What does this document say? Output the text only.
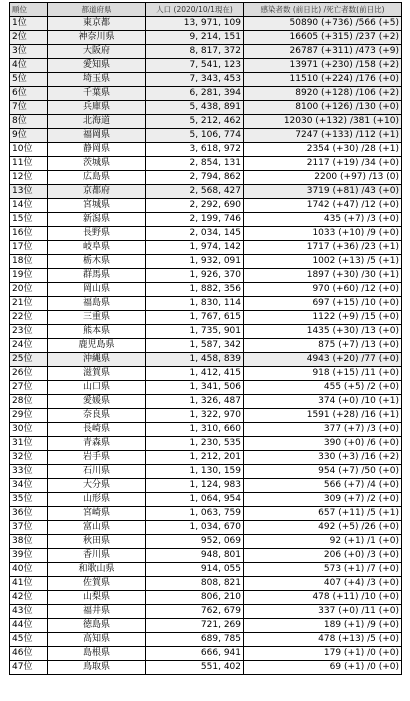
順位	都道府県	人口 (2020/10/1現在)	感染者数 (前日比) /死亡者数(前日比)
1位	東京都	13, 971, 109	50890 (+736) /566 (+5)
2位	神奈川県	9, 214, 151	16605 (+315) /237 (+2)
3位	大阪府	8, 817, 372	26787 (+311) /473 (+9)
4位	愛知県	7, 541, 123	13971 (+230) /158 (+2)
5位	埼玉県	7, 343, 453	11510 (+224) /176 (+0)
6位	千葉県	6, 281, 394	8920 (+128) /106 (+2)
7位	兵庫県	5, 438, 891	8100 (+126) /130 (+0)
8位	北海道	5, 212, 462	12030 (+132) /381 (+10)
9位	福岡県	5, 106, 774	7247 (+133) /112 (+1)
10位	静岡県	3, 618, 972	2354 (+30) /28 (+1)
11位	茨城県	2, 854, 131	2117 (+19) /34 (+0)
12位	広島県	2, 794, 862	2200 (+97) /13 (0)
13位	京都府	2, 568, 427	3719 (+81) /43 (+0)
14位	宮城県	2, 292, 690	1742 (+47) /12 (+0)
15位	新潟県	2, 199, 746	435 (+7) /3 (+0)
16位	長野県	2, 034, 145	1033 (+10) /9 (+0)
17位	岐阜県	1, 974, 142	1717 (+36) /23 (+1)
18位	栃木県	1, 932, 091	1002 (+13) /5 (+1)
19位	群馬県	1, 926, 370	1897 (+30) /30 (+1)
20位	岡山県	1, 882, 356	970 (+60) /12 (+0)
21位	福島県	1, 830, 114	697 (+15) /10 (+0)
22位	三重県	1, 767, 615	1122 (+9) /15 (+0)
23位	熊本県	1, 735, 901	1435 (+30) /13 (+0)
24位	鹿児島県	1, 587, 342	875 (+7) /13 (+0)
25位	沖縄県	1, 458, 839	4943 (+20) /77 (+0)
26位	滋賀県	1, 412, 415	918 (+15) /11 (+0)
27位	山口県	1, 341, 506	455 (+5) /2 (+0)
28位	愛媛県	1, 326, 487	374 (+0) /10 (+1)
29位	奈良県	1, 322, 970	1591 (+28) /16 (+1)
30位	長崎県	1, 310, 660	377 (+7) /3 (+0)
31位	青森県	1, 230, 535	390 (+0) /6 (+0)
32位	岩手県	1, 212, 201	330 (+3) /16 (+2)
33位	石川県	1, 130, 159	954 (+7) /50 (+0)
34位	大分県	1, 124, 983	566 (+7) /4 (+0)
35位	山形県	1, 064, 954	309 (+7) /2 (+0)
36位	宮崎県	1, 063, 759	657 (+11) /5 (+1)
37位	富山県	1, 034, 670	492 (+5) /26 (+0)
38位	秋田県	952, 069	92 (+1) /1 (+0)
39位	香川県	948, 801	206 (+0) /3 (+0)
40位	和歌山県	914, 055	573 (+1) /7 (+0)
41位	佐賀県	808, 821	407 (+4) /3 (+0)
42位	山梨県	806, 210	478 (+11) /10 (+0)
43位	福井県	762, 679	337 (+0) /11 (+0)
44位	徳島県	721, 269	189 (+1) /9 (+0)
45位	高知県	689, 785	478 (+13) /5 (+0)
46位	島根県	666, 941	179 (+1) /0 (+0)
47位	鳥取県	551, 402	69 (+1) /0 (+0)
